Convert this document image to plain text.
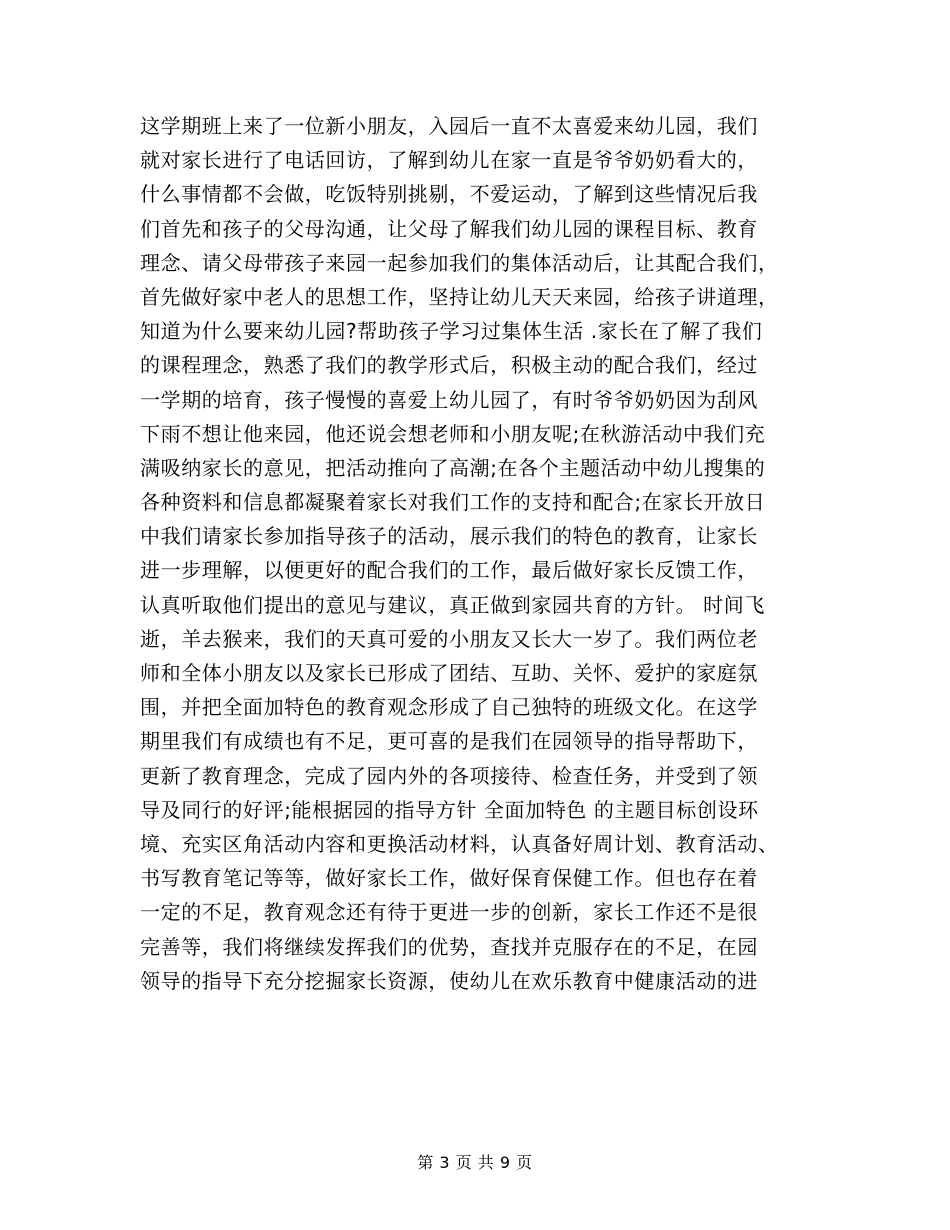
这学期班上来了一位新小朋友，入园后一直不太喜爱来幼儿园，我们
就对家长进行了电话回访，了解到幼儿在家一直是爷爷奶奶看大的，
什么事情都不会做，吃饭特别挑剔，不爱运动，了解到这些情况后我
们首先和孩子的父母沟通，让父母了解我们幼儿园的课程目标、教育
理念、请父母带孩子来园一起参加我们的集体活动后，让其配合我们，
首先做好家中老人的思想工作，坚持让幼儿天天来园，给孩子讲道理，
知道为什么要来幼儿园?帮助孩子学习过集体生活 .家长在了解了我们
的课程理念，熟悉了我们的教学形式后，积极主动的配合我们，经过
一学期的培育，孩子慢慢的喜爱上幼儿园了，有时爷爷奶奶因为刮风
下雨不想让他来园，他还说会想老师和小朋友呢;在秋游活动中我们充
满吸纳家长的意见，把活动推向了高潮;在各个主题活动中幼儿搜集的
各种资料和信息都凝聚着家长对我们工作的支持和配合;在家长开放日
中我们请家长参加指导孩子的活动，展示我们的特色的教育，让家长
进一步理解，以便更好的配合我们的工作，最后做好家长反馈工作，
认真听取他们提出的意见与建议，真正做到家园共育的方针。 时间飞
逝，羊去猴来，我们的天真可爱的小朋友又长大一岁了。我们两位老
师和全体小朋友以及家长已形成了团结、互助、关怀、爱护的家庭氛
围，并把全面加特色的教育观念形成了自己独特的班级文化。在这学
期里我们有成绩也有不足，更可喜的是我们在园领导的指导帮助下，
更新了教育理念，完成了园内外的各项接待、检查任务，并受到了领
导及同行的好评;能根据园的指导方针 全面加特色 的主题目标创设环
境、充实区角活动内容和更换活动材料，认真备好周计划、教育活动、
书写教育笔记等等，做好家长工作，做好保育保健工作。但也存在着
一定的不足，教育观念还有待于更进一步的创新，家长工作还不是很
完善等，我们将继续发挥我们的优势，查找并克服存在的不足，在园
领导的指导下充分挖掘家长资源，使幼儿在欢乐教育中健康活动的进
第 3 页 共 9 页
